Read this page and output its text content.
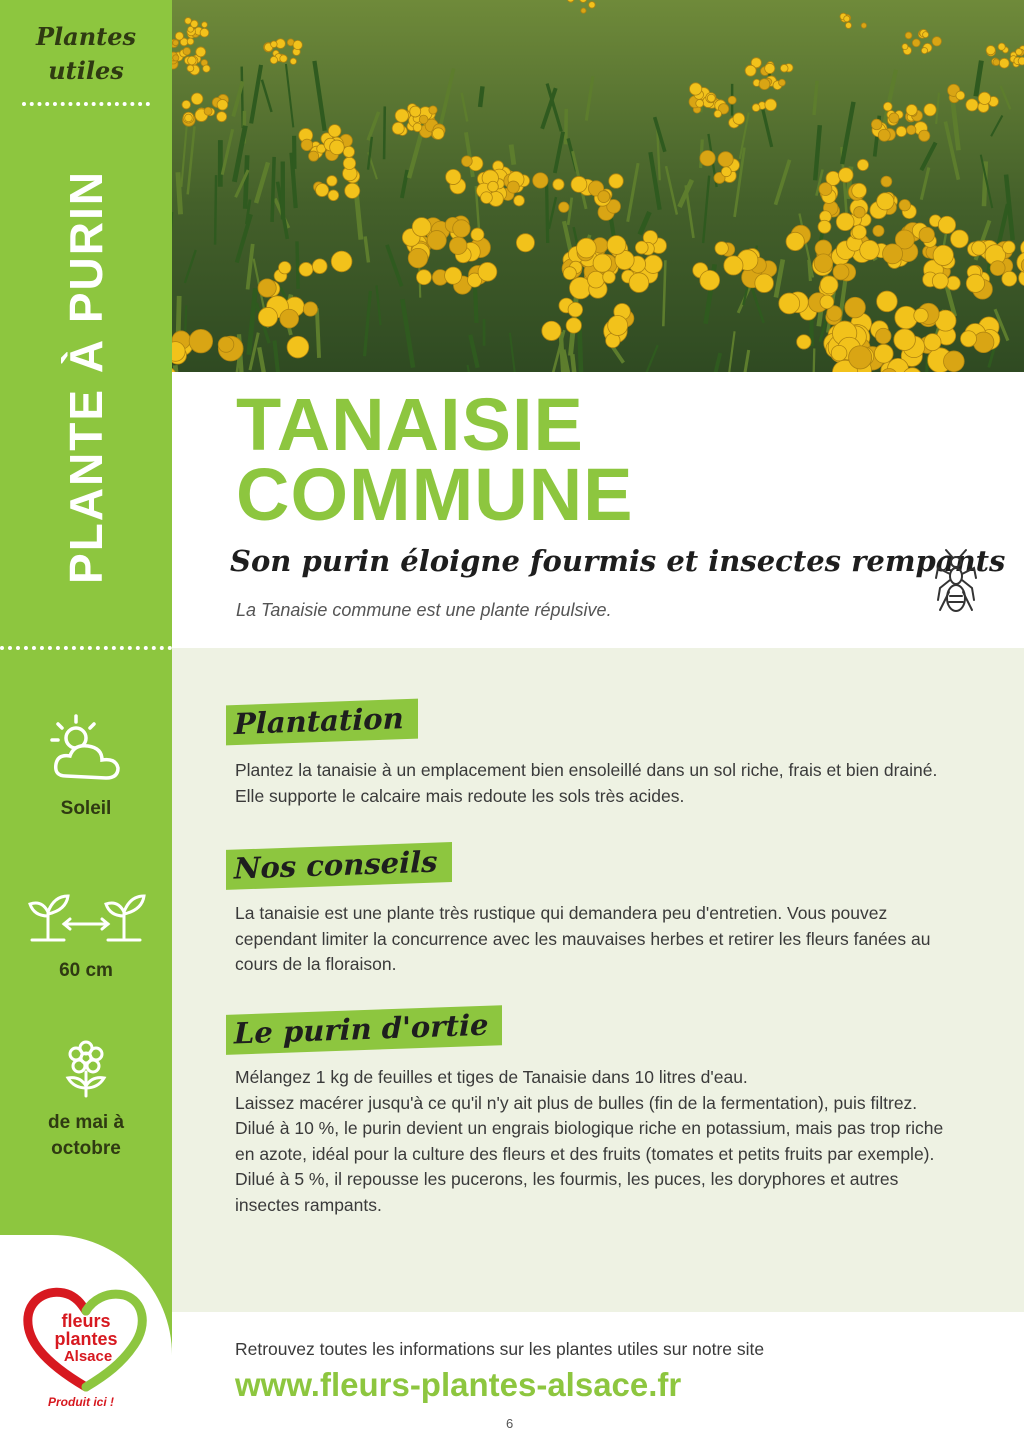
Plantes
utiles
PLANTE À PURIN
Soleil
60 cm
de mai à
octobre
fleurs
plantes
Alsace
Produit ici !
TANAISIE
COMMUNE
Son purin éloigne fourmis et insectes rempants

La Tanaisie commune est une plante répulsive.

Plantation

Plantez la tanaisie à un emplacement bien ensoleillé dans un sol riche, frais et bien drainé. Elle supporte le calcaire mais redoute les sols très acides.

Nos conseils

La tanaisie est une plante très rustique qui demandera peu d'entretien. Vous pouvez cependant limiter la concurrence avec les mauvaises herbes et retirer les fleurs fanées au cours de la floraison.

Le purin d'ortie

Mélangez 1 kg de feuilles et tiges de Tanaisie dans 10 litres d'eau.

Laissez macérer jusqu'à ce qu'il n'y ait plus de bulles (fin de la fermentation), puis filtrez.

Dilué à 10 %, le purin devient un engrais biologique riche en potassium, mais pas trop riche en azote, idéal pour la culture des fleurs et des fruits (tomates et petits fruits par exemple).

Dilué à 5 %, il repousse les pucerons, les fourmis, les puces, les doryphores et autres insectes rampants.

Retrouvez toutes les informations sur les plantes utiles sur notre site

www.fleurs-plantes-alsace.fr
6
